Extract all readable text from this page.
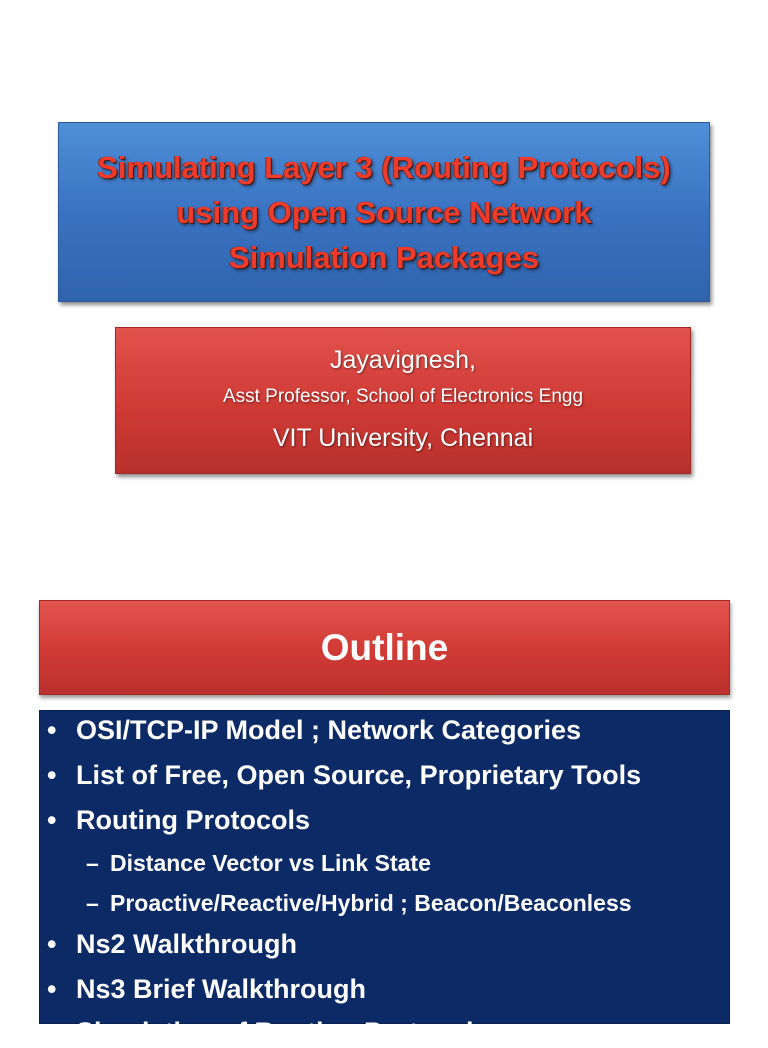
Simulating Layer 3 (Routing Protocols)
using Open Source Network
Simulation Packages
Jayavignesh,
Asst Professor, School of Electronics Engg
VIT University, Chennai
Outline
• OSI/TCP-IP Model ; Network Categories
• List of Free, Open Source, Proprietary Tools
• Routing Protocols
– Distance Vector vs Link State
– Proactive/Reactive/Hybrid ; Beacon/Beaconless
• Ns2 Walkthrough
• Ns3 Brief Walkthrough
• Simulation of Routing Protocols
